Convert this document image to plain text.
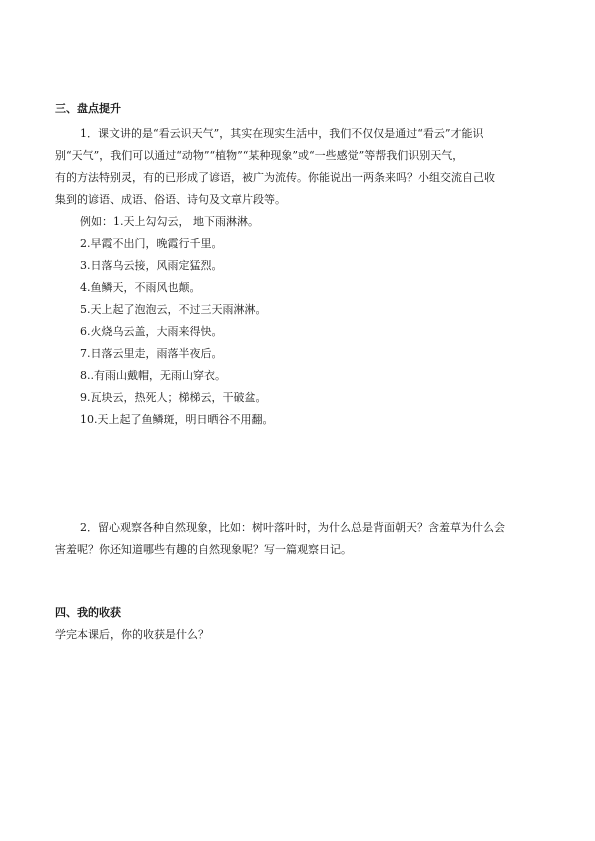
三、盘点提升
1．课文讲的是“看云识天气”，其实在现实生活中，我们不仅仅是通过“看云”才能识
别“天气”，我们可以通过“动物”“植物”“某种现象”或“一些感觉”等帮我们识别天气，
有的方法特别灵，有的已形成了谚语，被广为流传。你能说出一两条来吗？小组交流自己收
集到的谚语、成语、俗语、诗句及文章片段等。
例如：1.天上勾勾云， 地下雨淋淋。
2.早霞不出门，晚霞行千里。
3.日落乌云接，风雨定猛烈。
4.鱼鳞天，不雨风也颠。
5.天上起了泡泡云，不过三天雨淋淋。
6.火烧乌云盖，大雨来得快。
7.日落云里走，雨落半夜后。
8..有雨山戴帽，无雨山穿衣。
9.瓦块云，热死人；梯梯云，干破盆。
10.天上起了鱼鳞斑，明日晒谷不用翻。
2．留心观察各种自然现象，比如：树叶落叶时，为什么总是背面朝天？含羞草为什么会
害羞呢？你还知道哪些有趣的自然现象呢？写一篇观察日记。
四、我的收获
学完本课后，你的收获是什么？
